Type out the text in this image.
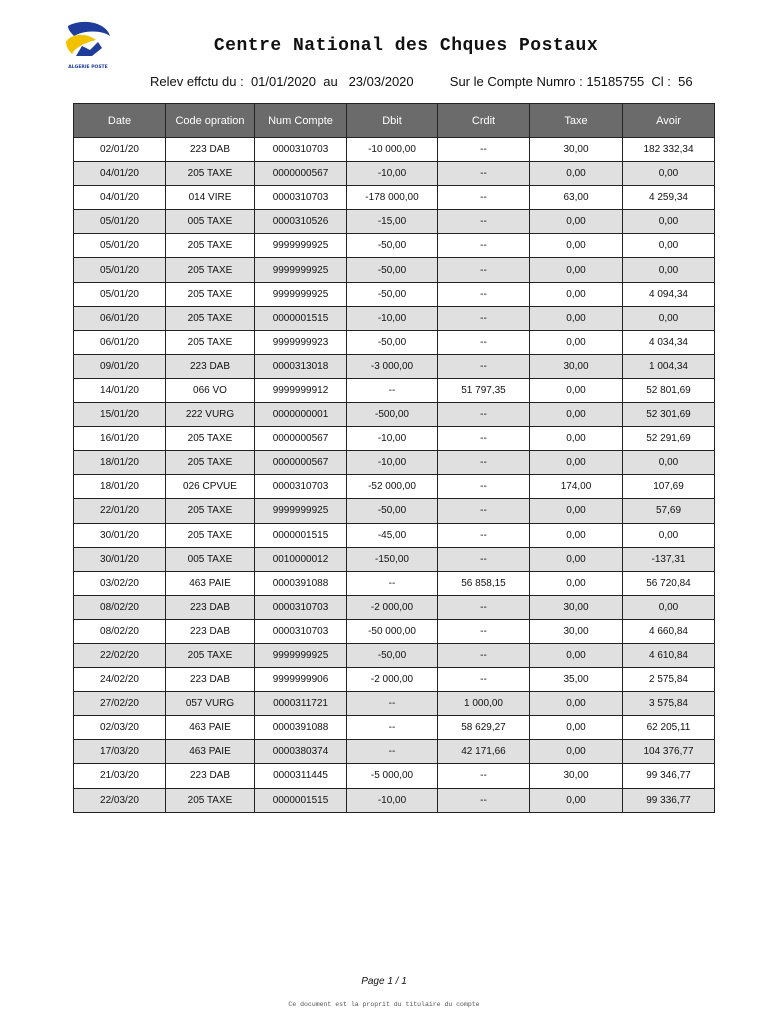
ALGERIE POSTE
Centre National des Chques Postaux
Relev effctu du : 01/01/2020 au 23/03/2020	Sur le Compte Numro : 15185755 Cl : 56
Date	Code opration	Num Compte	Dbit	Crdit	Taxe	Avoir
02/01/20	223 DAB	0000310703	-10 000,00	--	30,00	182 332,34
04/01/20	205 TAXE	0000000567	-10,00	--	0,00	0,00
04/01/20	014 VIRE	0000310703	-178 000,00	--	63,00	4 259,34
05/01/20	005 TAXE	0000310526	-15,00	--	0,00	0,00
05/01/20	205 TAXE	9999999925	-50,00	--	0,00	0,00
05/01/20	205 TAXE	9999999925	-50,00	--	0,00	0,00
05/01/20	205 TAXE	9999999925	-50,00	--	0,00	4 094,34
06/01/20	205 TAXE	0000001515	-10,00	--	0,00	0,00
06/01/20	205 TAXE	9999999923	-50,00	--	0,00	4 034,34
09/01/20	223 DAB	0000313018	-3 000,00	--	30,00	1 004,34
14/01/20	066 VO	9999999912	--	51 797,35	0,00	52 801,69
15/01/20	222 VURG	0000000001	-500,00	--	0,00	52 301,69
16/01/20	205 TAXE	0000000567	-10,00	--	0,00	52 291,69
18/01/20	205 TAXE	0000000567	-10,00	--	0,00	0,00
18/01/20	026 CPVUE	0000310703	-52 000,00	--	174,00	107,69
22/01/20	205 TAXE	9999999925	-50,00	--	0,00	57,69
30/01/20	205 TAXE	0000001515	-45,00	--	0,00	0,00
30/01/20	005 TAXE	0010000012	-150,00	--	0,00	-137,31
03/02/20	463 PAIE	0000391088	--	56 858,15	0,00	56 720,84
08/02/20	223 DAB	0000310703	-2 000,00	--	30,00	0,00
08/02/20	223 DAB	0000310703	-50 000,00	--	30,00	4 660,84
22/02/20	205 TAXE	9999999925	-50,00	--	0,00	4 610,84
24/02/20	223 DAB	9999999906	-2 000,00	--	35,00	2 575,84
27/02/20	057 VURG	0000311721	--	1 000,00	0,00	3 575,84
02/03/20	463 PAIE	0000391088	--	58 629,27	0,00	62 205,11
17/03/20	463 PAIE	0000380374	--	42 171,66	0,00	104 376,77
21/03/20	223 DAB	0000311445	-5 000,00	--	30,00	99 346,77
22/03/20	205 TAXE	0000001515	-10,00	--	0,00	99 336,77
Page 1 / 1
Ce document est la proprit du titulaire du compte
